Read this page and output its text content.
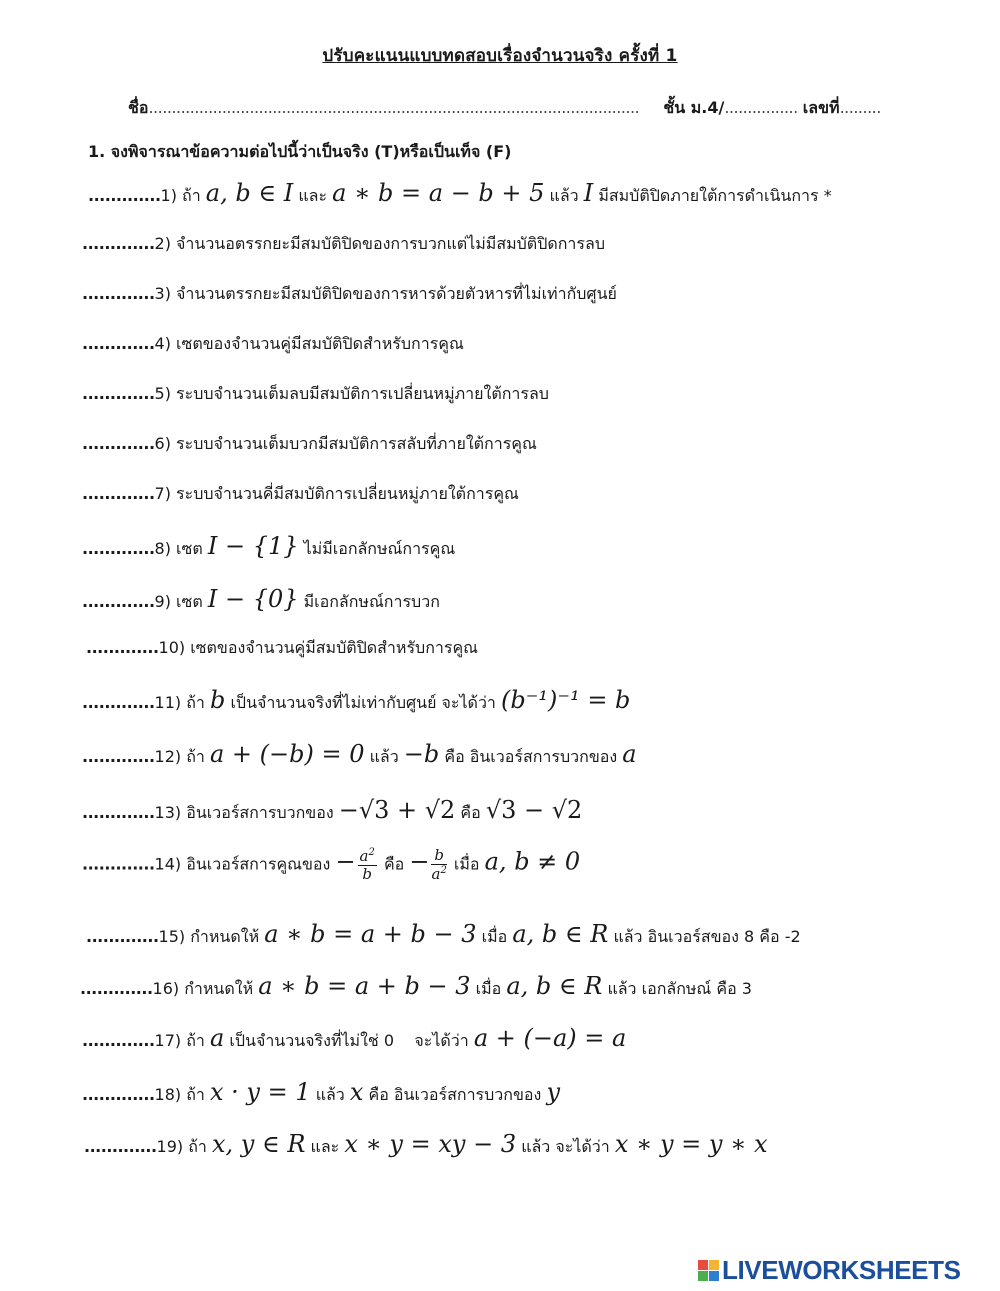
ปรับคะแนนแบบทดสอบเรื่องจำนวนจริง ครั้งที่ 1
ชื่อ........................................................................................................... ชั้น ม.4/................ เลขที่.........
1. จงพิจารณาข้อความต่อไปนี้ว่าเป็นจริง (T)หรือเป็นเท็จ (F)
.............1) ถ้า a, b ∈ I และ a ∗ b = a − b + 5 แล้ว I มีสมบัติปิดภายใต้การดำเนินการ *
.............2) จำนวนอตรรกยะมีสมบัติปิดของการบวกแต่ไม่มีสมบัติปิดการลบ
.............3) จำนวนตรรกยะมีสมบัติปิดของการหารด้วยตัวหารที่ไม่เท่ากับศูนย์
.............4) เซตของจำนวนคู่มีสมบัติปิดสำหรับการคูณ
.............5) ระบบจำนวนเต็มลบมีสมบัติการเปลี่ยนหมู่ภายใต้การลบ
.............6) ระบบจำนวนเต็มบวกมีสมบัติการสลับที่ภายใต้การคูณ
.............7) ระบบจำนวนคี่มีสมบัติการเปลี่ยนหมู่ภายใต้การคูณ
.............8) เซต I − {1} ไม่มีเอกลักษณ์การคูณ
.............9) เซต I − {0} มีเอกลักษณ์การบวก
.............10) เซตของจำนวนคู่มีสมบัติปิดสำหรับการคูณ
.............11) ถ้า b เป็นจำนวนจริงที่ไม่เท่ากับศูนย์ จะได้ว่า (b⁻¹)⁻¹ = b
.............12) ถ้า a + (−b) = 0 แล้ว −b คือ อินเวอร์สการบวกของ a
.............13) อินเวอร์สการบวกของ −√3 + √2 คือ √3 − √2
.............14) อินเวอร์สการคูณของ − $\frac{a^2}{b}$ คือ − $\frac{b}{a^2}$ เมื่อ a, b ≠ 0
.............15) กำหนดให้ a ∗ b = a + b − 3 เมื่อ a, b ∈ R แล้ว อินเวอร์สของ 8 คือ -2
.............16) กำหนดให้ a ∗ b = a + b − 3 เมื่อ a, b ∈ R แล้ว เอกลักษณ์ คือ 3
.............17) ถ้า a เป็นจำนวนจริงที่ไม่ใช่ 0    จะได้ว่า a + (−a) = a
.............18) ถ้า x · y = 1 แล้ว x คือ อินเวอร์สการบวกของ y
.............19) ถ้า x, y ∈ R และ x ∗ y = xy − 3 แล้ว จะได้ว่า x ∗ y = y ∗ x
LIVEWORKSHEETS
